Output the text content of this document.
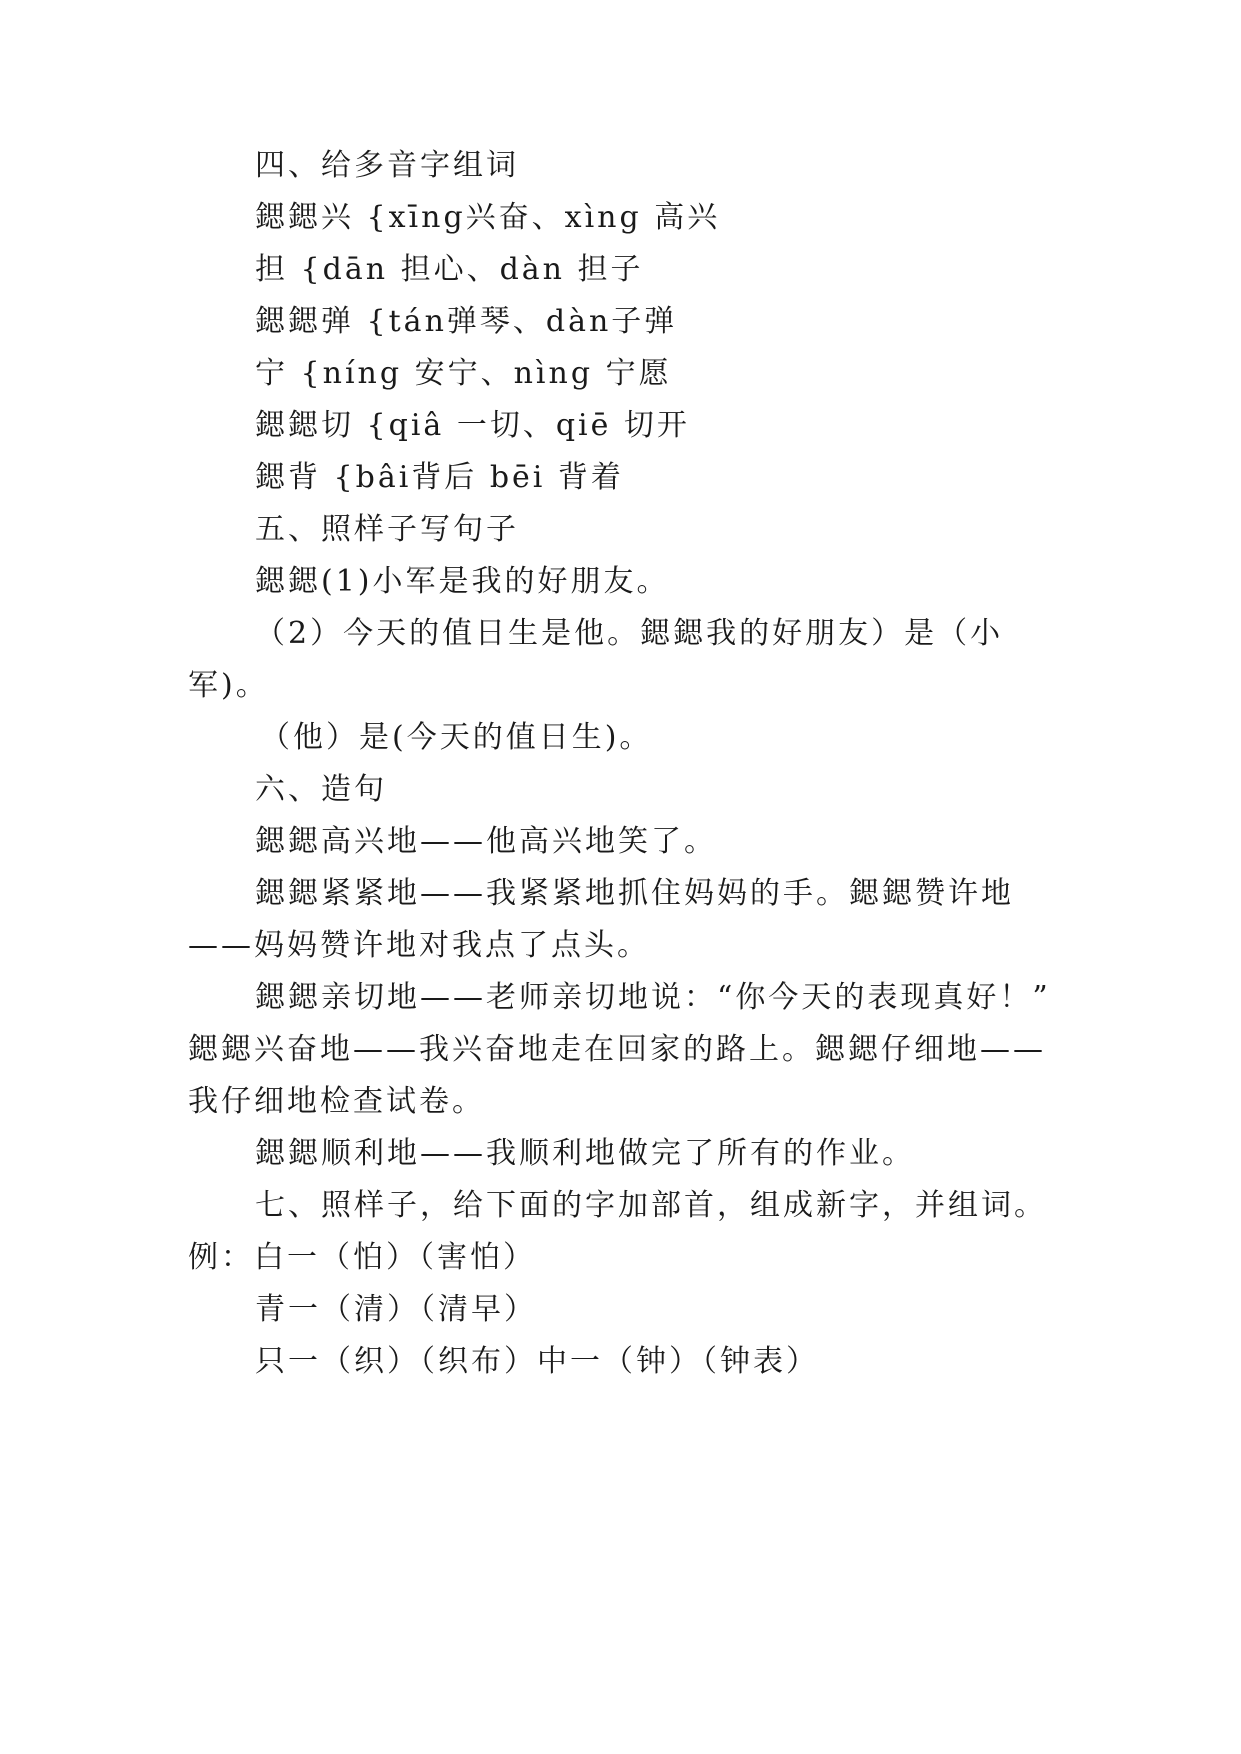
四、给多音字组词
鍶鍶兴 {xīng兴奋、xìng 高兴
担 {dān 担心、dàn 担子
鍶鍶弹 {tán弹琴、dàn子弹
宁 {níng 安宁、nìng 宁愿
鍶鍶切 {qiâ 一切、qiē 切开
鍶背 {bâi背后 bēi 背着
五、照样子写句子
鍶鍶(1)小军是我的好朋友。
（2）今天的值日生是他。鍶鍶我的好朋友）是（小
军)。
（他）是(今天的值日生)。
六、造句
鍶鍶高兴地——他高兴地笑了。
鍶鍶紧紧地——我紧紧地抓住妈妈的手。鍶鍶赞许地
——妈妈赞许地对我点了点头。
鍶鍶亲切地——老师亲切地说：“你今天的表现真好！”
鍶鍶兴奋地——我兴奋地走在回家的路上。鍶鍶仔细地——
我仔细地检查试卷。
鍶鍶顺利地——我顺利地做完了所有的作业。
七、照样子，给下面的字加部首，组成新字，并组词。
例：白一（怕）（害怕）
青一（清）（清早）
只一（织）（织布）中一（钟）（钟表）
